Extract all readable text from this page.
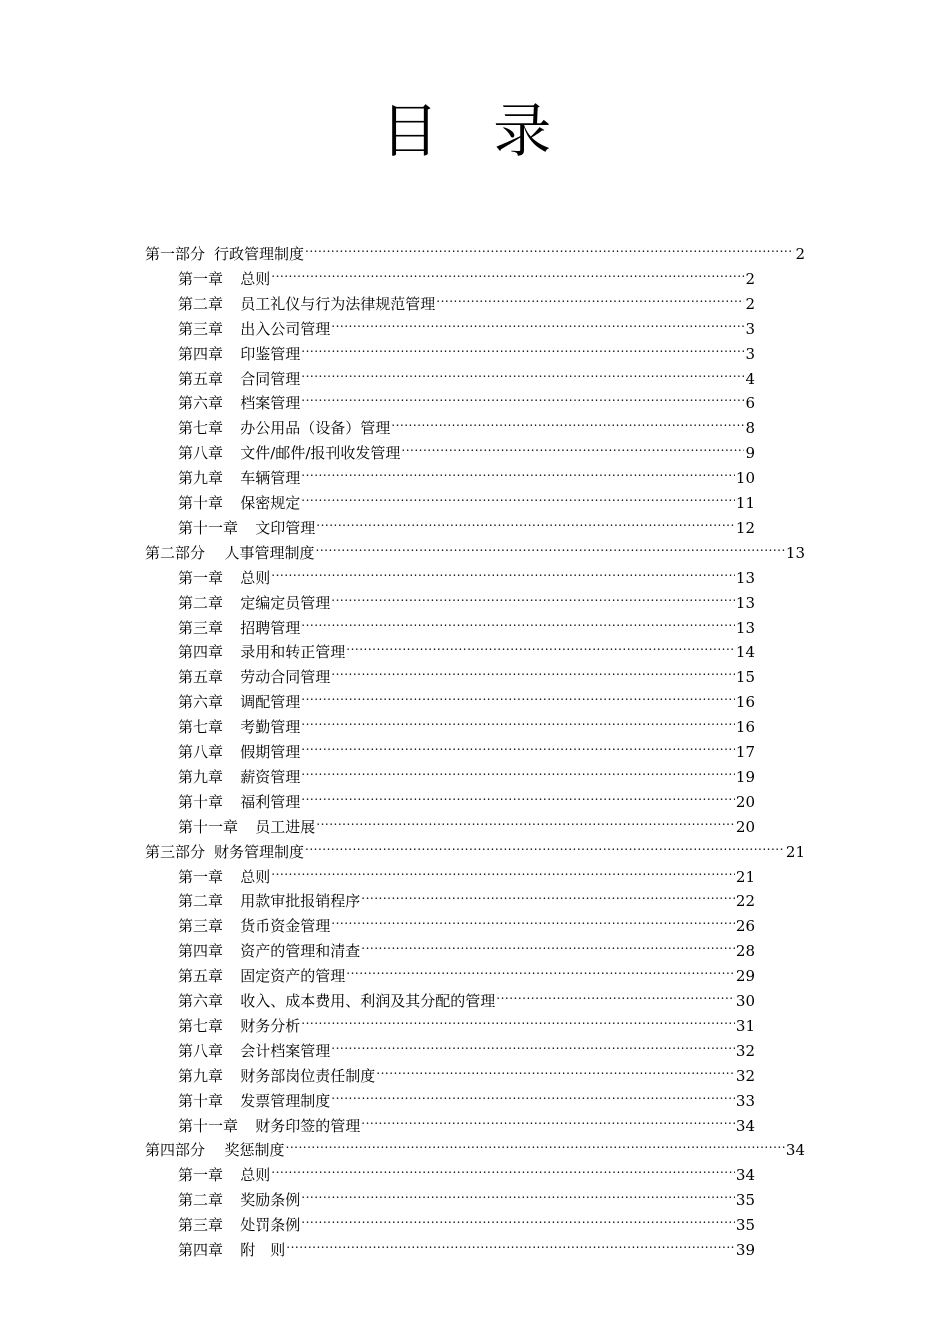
目 录
第一部分 行政管理制度 .....	2
第一章 总则 .....	2
第二章 员工礼仪与行为法律规范管理 .....	2
第三章 出入公司管理 .....	3
第四章 印鉴管理 .....	3
第五章 合同管理 .....	4
第六章 档案管理 .....	6
第七章 办公用品（设备）管理 .....	8
第八章 文件/邮件/报刊收发管理 .....	9
第九章 车辆管理 .....	10
第十章 保密规定 .....	11
第十一章 文印管理 .....	12
第二部分 人事管理制度 .....	13
第一章 总则 .....	13
第二章 定编定员管理 .....	13
第三章 招聘管理 .....	13
第四章 录用和转正管理 .....	14
第五章 劳动合同管理 .....	15
第六章 调配管理 .....	16
第七章 考勤管理 .....	16
第八章 假期管理 .....	17
第九章 薪资管理 .....	19
第十章 福利管理 .....	20
第十一章 员工进展 .....	20
第三部分 财务管理制度 .....	21
第一章 总则 .....	21
第二章 用款审批报销程序 .....	22
第三章 货币资金管理 .....	26
第四章 资产的管理和清查 .....	28
第五章 固定资产的管理 .....	29
第六章 收入、成本费用、利润及其分配的管理 .....	30
第七章 财务分析 .....	31
第八章 会计档案管理 .....	32
第九章 财务部岗位责任制度 .....	32
第十章 发票管理制度 .....	33
第十一章 财务印签的管理 .....	34
第四部分 奖惩制度 .....	34
第一章 总则 .....	34
第二章 奖励条例 .....	35
第三章 处罚条例 .....	35
第四章 附　则 .....	39
